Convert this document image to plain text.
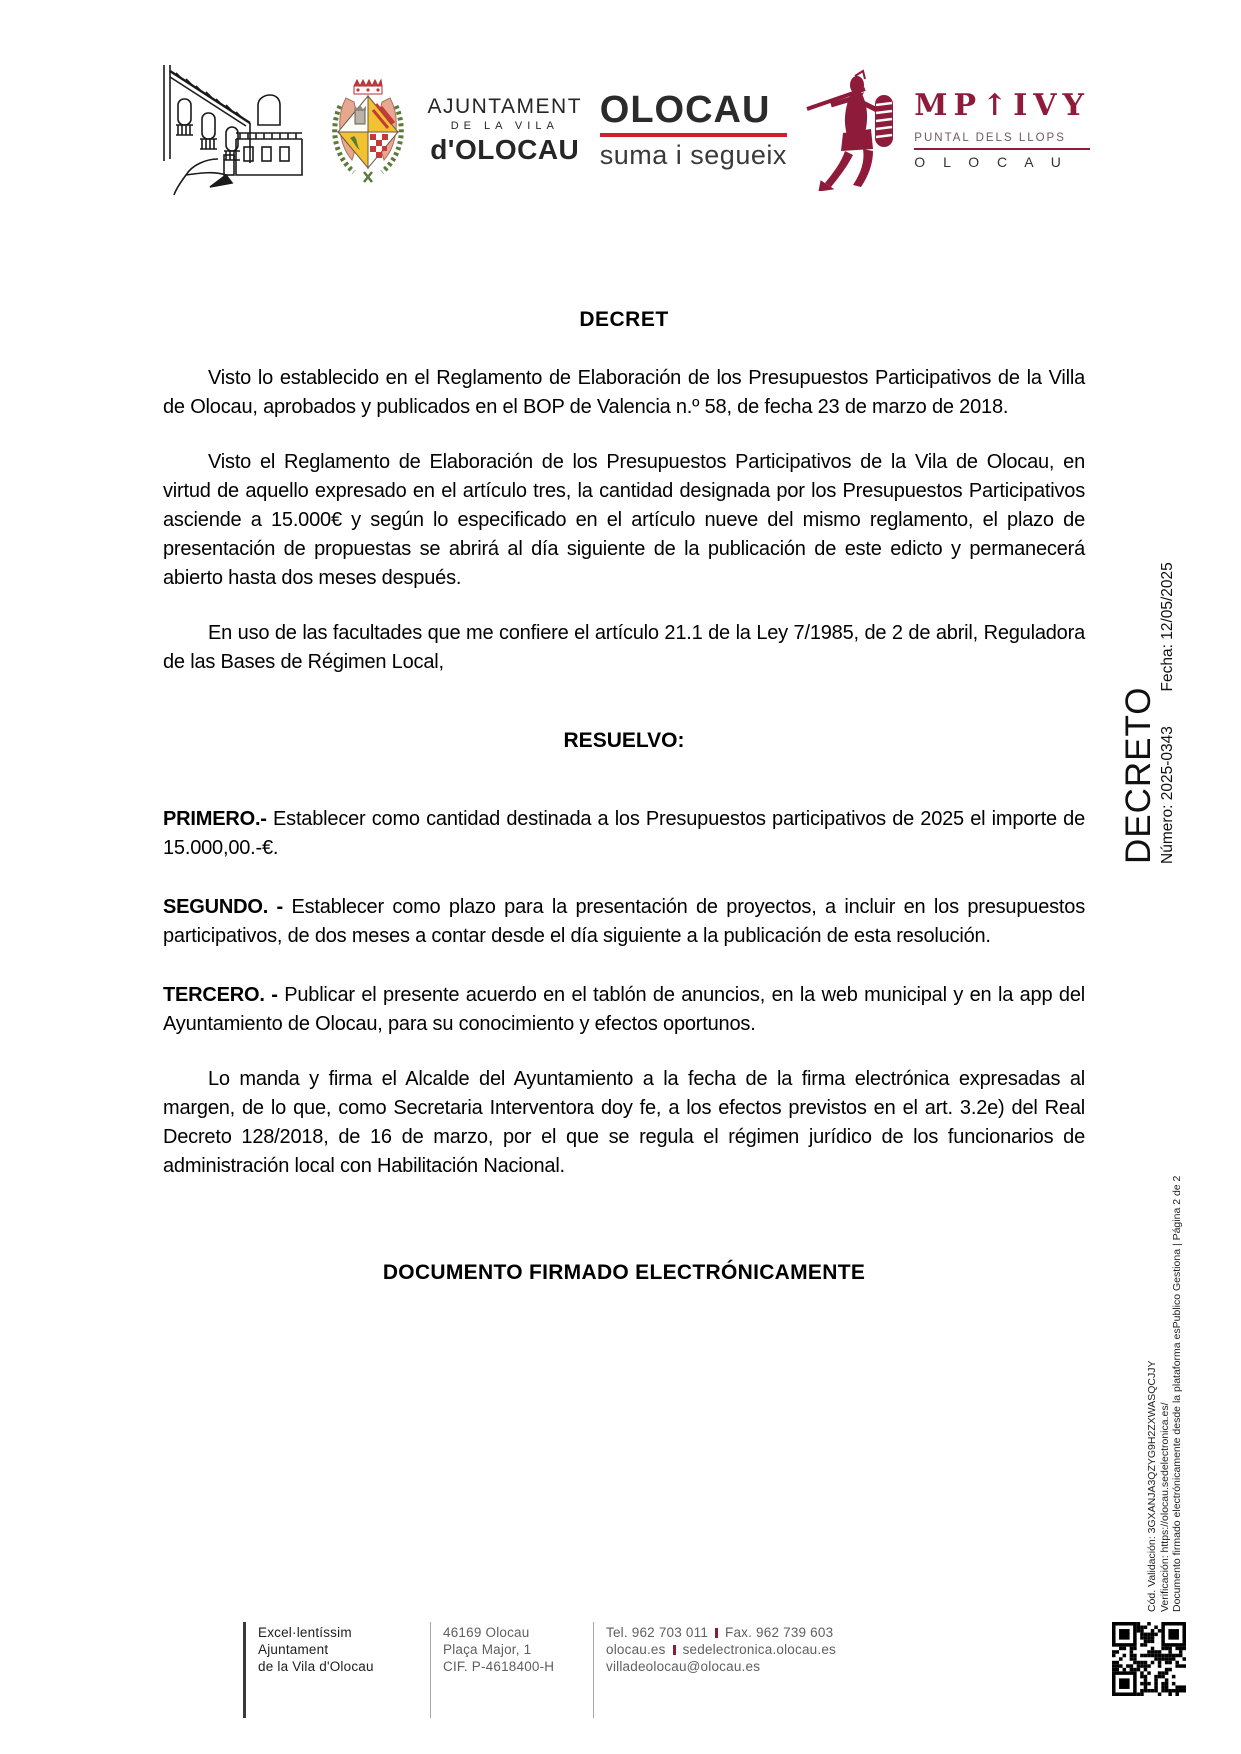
AJUNTAMENT
DE LA VILA
d'OLOCAU
OLOCAU
suma i segueix
MP↑IVY
PUNTAL DELS LLOPS
O L O C A U
DECRET

Visto lo establecido en el Reglamento de Elaboración de los Presupuestos Participativos de la Villa de Olocau, aprobados y publicados en el BOP de Valencia n.º 58, de fecha 23 de marzo de 2018.

Visto el Reglamento de Elaboración de los Presupuestos Participativos de la Vila de Olocau, en virtud de aquello expresado en el artículo tres, la cantidad designada por los Presupuestos Participativos asciende a 15.000€ y según lo especificado en el artículo nueve del mismo reglamento, el plazo de presentación de propuestas se abrirá al día siguiente de la publicación de este edicto y permanecerá abierto hasta dos meses después.

En uso de las facultades que me confiere el artículo 21.1 de la Ley 7/1985, de 2 de abril, Reguladora de las Bases de Régimen Local,

RESUELVO:

PRIMERO.- Establecer como cantidad destinada a los Presupuestos participativos de 2025 el importe de 15.000,00.-€.

SEGUNDO. - Establecer como plazo para la presentación de proyectos, a incluir en los presupuestos participativos, de dos meses a contar desde el día siguiente a la publicación de esta resolución.

TERCERO. - Publicar el presente acuerdo en el tablón de anuncios, en la web municipal y en la app del Ayuntamiento de Olocau, para su conocimiento y efectos oportunos.

Lo manda y firma el Alcalde del Ayuntamiento a la fecha de la firma electrónica expresadas al margen, de lo que, como Secretaria Interventora doy fe, a los efectos previstos en el art. 3.2e) del Real Decreto 128/2018, de 16 de marzo, por el que se regula el régimen jurídico de los funcionarios de administración local con Habilitación Nacional.

DOCUMENTO FIRMADO ELECTRÓNICAMENTE
DECRETO Número: 2025-0343  Fecha: 12/05/2025
Cód. Validación: 3GXANJA3QZYG9H2ZXWASQCJJY Verificación: https://olocau.sedelectronica.es/ Documento firmado electrónicamente desde la plataforma esPublico Gestiona | Página 2 de 2
Excel·lentíssim
Ajuntament
de la Vila d'Olocau
46169 Olocau
Plaça Major, 1
CIF. P-4618400-H
Tel. 962 703 011 Fax. 962 739 603
olocau.es sedelectronica.olocau.es
villadeolocau@olocau.es
